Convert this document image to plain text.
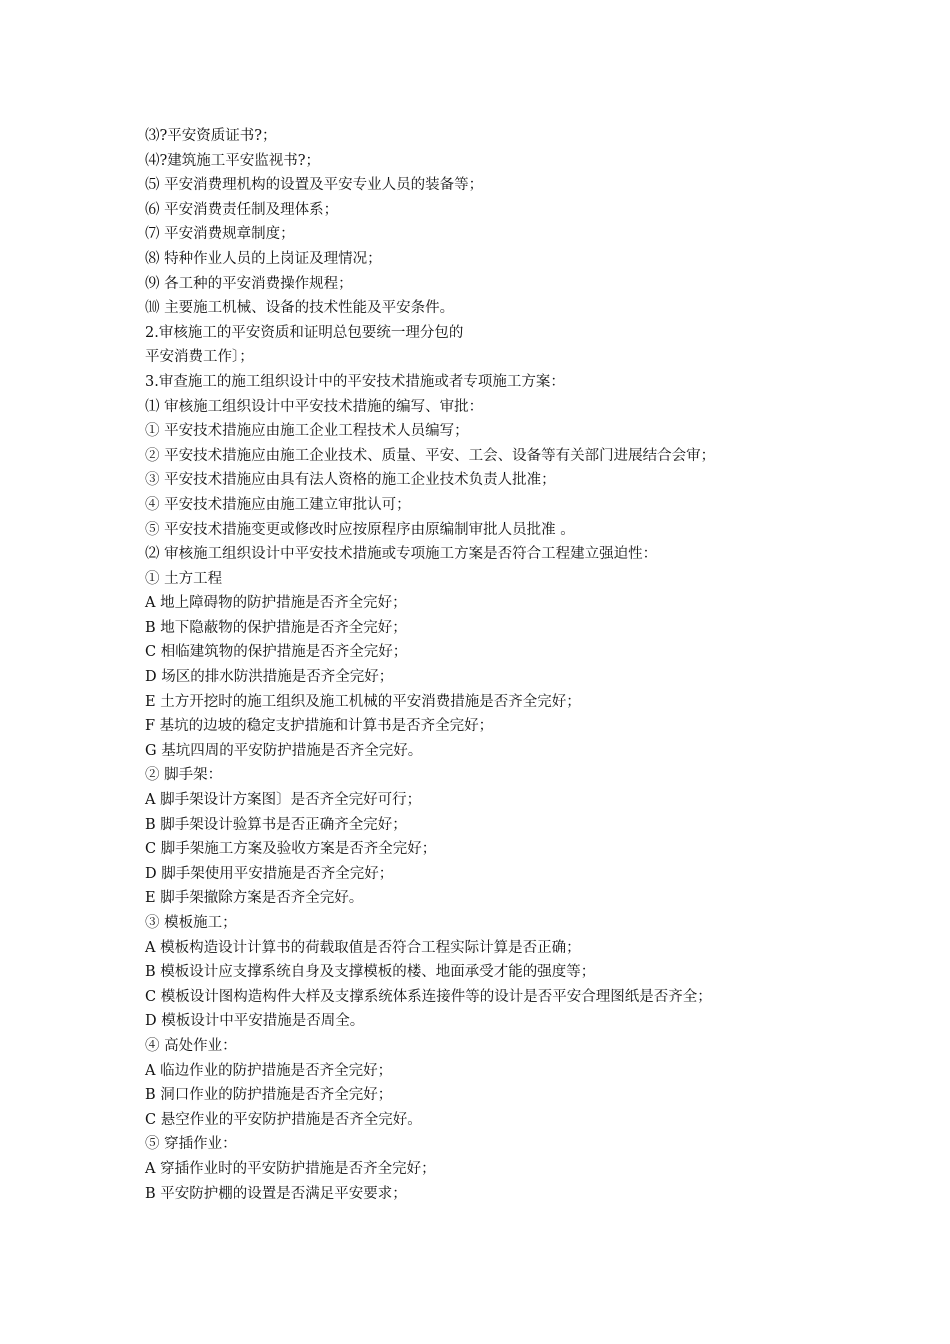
⑶?平安资质证书?；
⑷?建筑施工平安监视书?；
⑸ 平安消费理机构的设置及平安专业人员的装备等；
⑹ 平安消费责任制及理体系；
⑺ 平安消费规章制度；
⑻ 特种作业人员的上岗证及理情况；
⑼ 各工种的平安消费操作规程；
⑽ 主要施工机械、设备的技术性能及平安条件。
2.审核施工的平安资质和证明总包要统一理分包的
平安消费工作〕；
3.审查施工的施工组织设计中的平安技术措施或者专项施工方案：
⑴ 审核施工组织设计中平安技术措施的编写、审批：
① 平安技术措施应由施工企业工程技术人员编写；
② 平安技术措施应由施工企业技术、质量、平安、工会、设备等有关部门进展结合会审；
③ 平安技术措施应由具有法人资格的施工企业技术负责人批准；
④ 平安技术措施应由施工建立审批认可；
⑤ 平安技术措施变更或修改时应按原程序由原编制审批人员批准 。
⑵ 审核施工组织设计中平安技术措施或专项施工方案是否符合工程建立强迫性：
① 土方工程
A 地上障碍物的防护措施是否齐全完好；
B 地下隐蔽物的保护措施是否齐全完好；
C 相临建筑物的保护措施是否齐全完好；
D 场区的排水防洪措施是否齐全完好；
E 土方开挖时的施工组织及施工机械的平安消费措施是否齐全完好；
F 基坑的边坡的稳定支护措施和计算书是否齐全完好；
G 基坑四周的平安防护措施是否齐全完好。
② 脚手架：
A 脚手架设计方案图〕是否齐全完好可行；
B 脚手架设计验算书是否正确齐全完好；
C 脚手架施工方案及验收方案是否齐全完好；
D 脚手架使用平安措施是否齐全完好；
E 脚手架撤除方案是否齐全完好。
③ 模板施工；
A 模板构造设计计算书的荷载取值是否符合工程实际计算是否正确；
B 模板设计应支撑系统自身及支撑模板的楼、地面承受才能的强度等；
C 模板设计图构造构件大样及支撑系统体系连接件等的设计是否平安合理图纸是否齐全；
D 模板设计中平安措施是否周全。
④ 高处作业：
A 临边作业的防护措施是否齐全完好；
B 洞口作业的防护措施是否齐全完好；
C 悬空作业的平安防护措施是否齐全完好。
⑤ 穿插作业：
A 穿插作业时的平安防护措施是否齐全完好；
B 平安防护棚的设置是否满足平安要求；
